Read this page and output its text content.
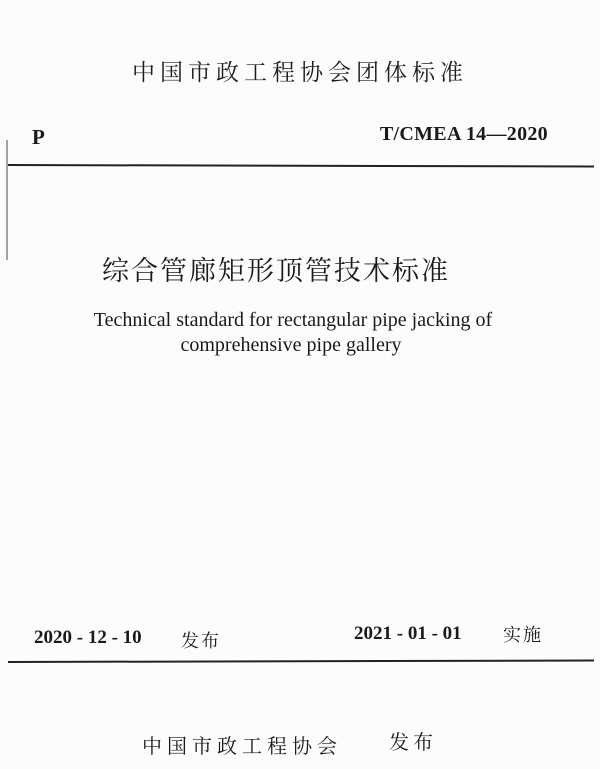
中国市政工程协会团体标准
P	T/CMEA 14—2020
综合管廊矩形顶管技术标准
Technical standard for rectangular pipe jacking of
comprehensive pipe gallery
2020 - 12 - 10 发布	2021 - 01 - 01 实施
中国市政工程协会 发布
